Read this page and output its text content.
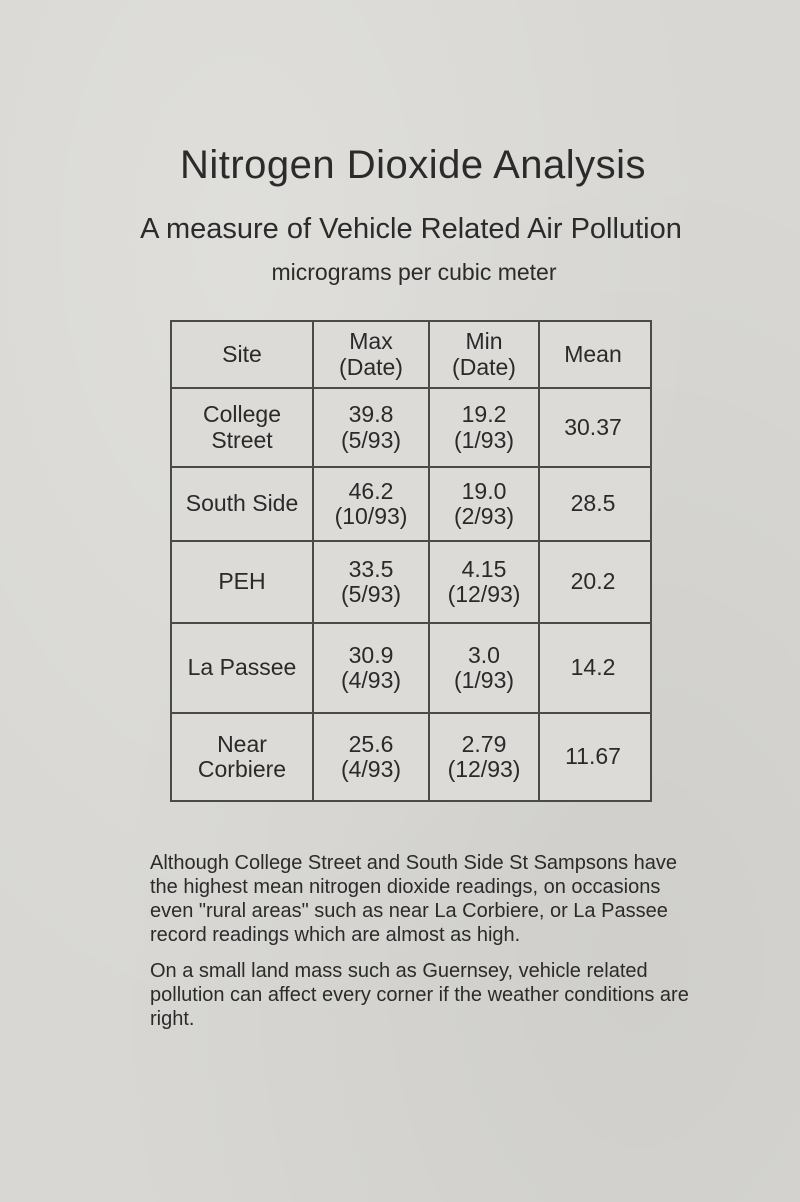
Nitrogen Dioxide Analysis
A measure of Vehicle Related Air Pollution
micrograms per cubic meter
Site	Max
(Date)
Min
(Date) Mean
College
Street
39.8
(5/93)
19.2
(1/93) 30.37
South Side 46.2
(10/93)
19.0
(2/93) 28.5
PEH	33.5
(5/93)
4.15
(12/93) 20.2
La Passee 30.9
(4/93)
3.0
(1/93) 14.2
Near
Corbiere
25.6
(4/93)
2.79
(12/93) 11.67

Although College Street and South Side St Sampsons have the highest mean nitrogen dioxide readings, on occasions even "rural areas" such as near La Corbiere, or La Passee record readings which are almost as high.

On a small land mass such as Guernsey, vehicle related pollution can affect every corner if the weather conditions are right.
